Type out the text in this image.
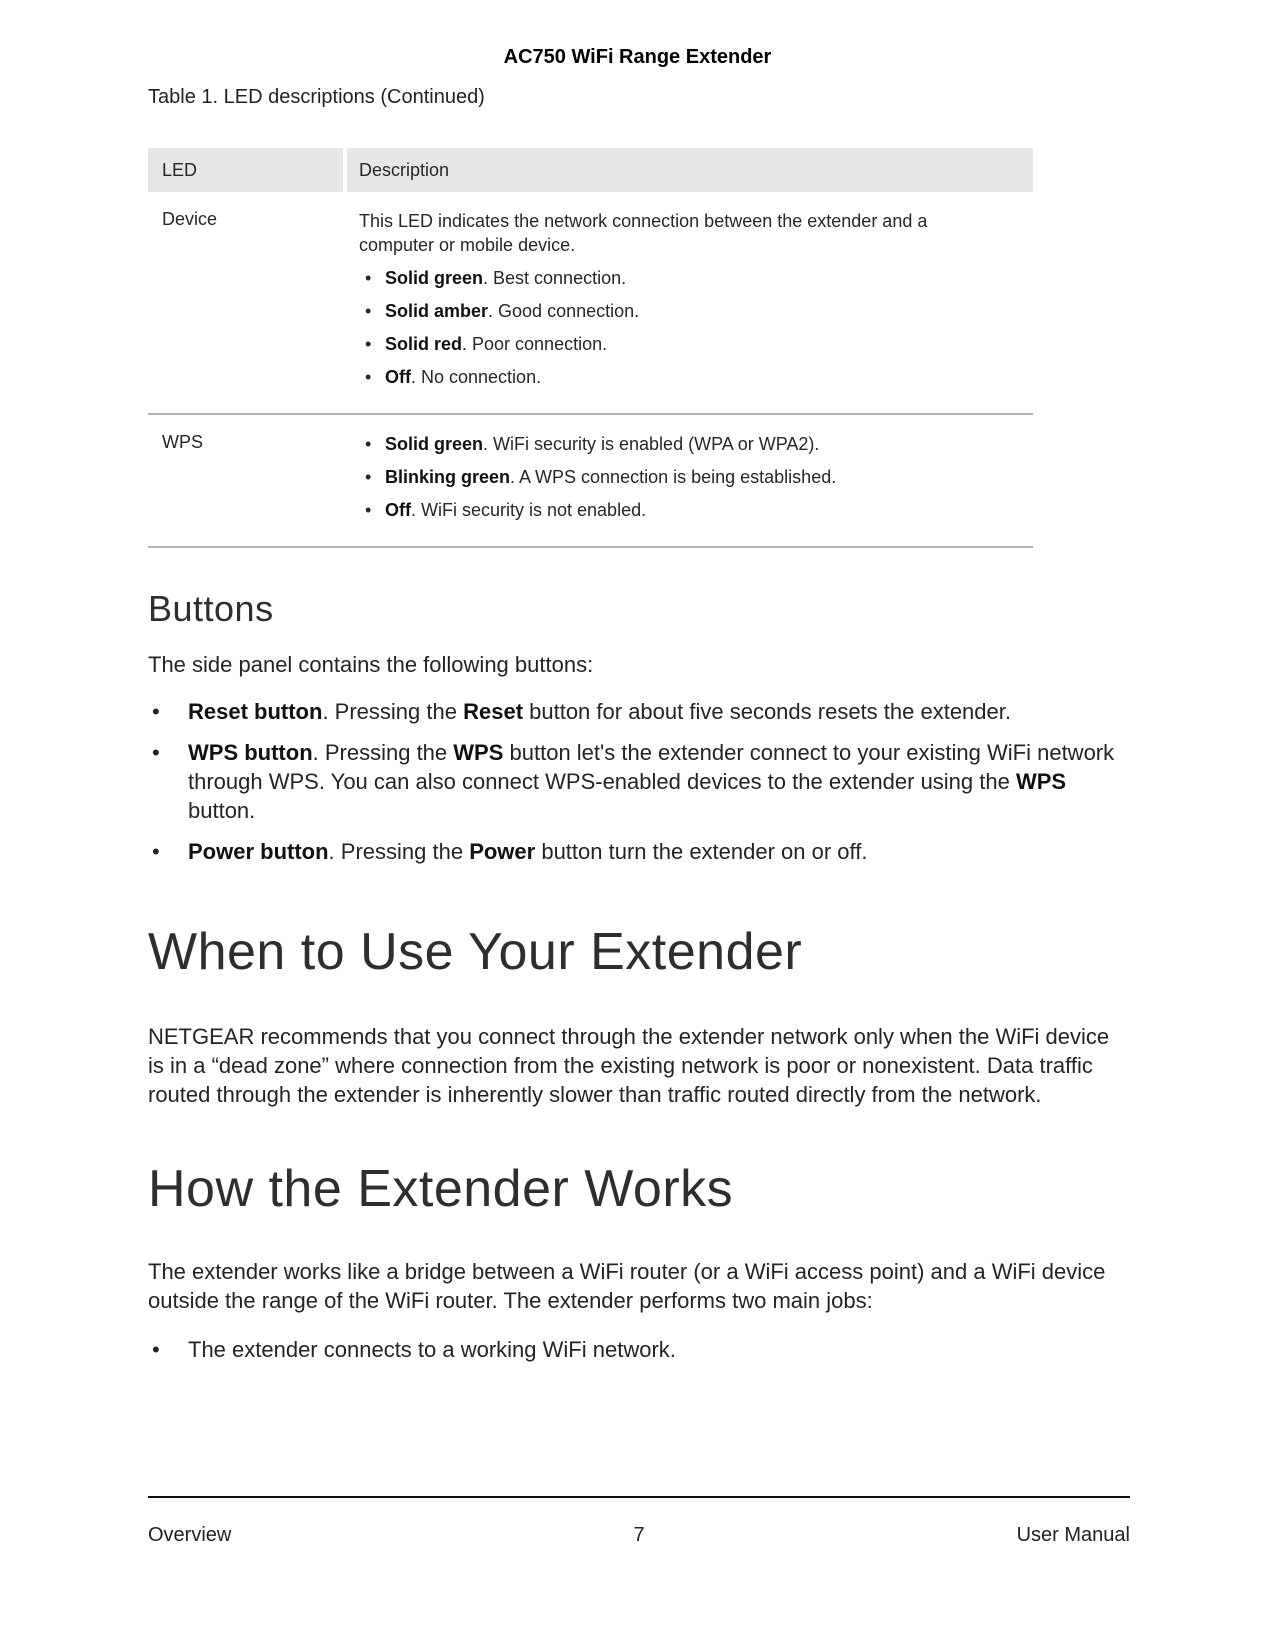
AC750 WiFi Range Extender

Table 1. LED descriptions (Continued)

LED	Description
Device	This LED indicates the network connection between the extender and a computer or mobile device.

• Solid green. Best connection.
• Solid amber. Good connection.
• Solid red. Poor connection.
• Off. No connection.
WPS	• Solid green. WiFi security is enabled (WPA or WPA2).
• Blinking green. A WPS connection is being established.
• Off. WiFi security is not enabled.
Buttons

The side panel contains the following buttons:

• Reset button. Pressing the Reset button for about five seconds resets the extender.
• WPS button. Pressing the WPS button let's the extender connect to your existing WiFi network through WPS. You can also connect WPS-enabled devices to the extender using the WPS button.
• Power button. Pressing the Power button turn the extender on or off.
When to Use Your Extender

NETGEAR recommends that you connect through the extender network only when the WiFi device is in a “dead zone” where connection from the existing network is poor or nonexistent. Data traffic routed through the extender is inherently slower than traffic routed directly from the network.

How the Extender Works

The extender works like a bridge between a WiFi router (or a WiFi access point) and a WiFi device outside the range of the WiFi router. The extender performs two main jobs:

• The extender connects to a working WiFi network.
Overview	7	User Manual
